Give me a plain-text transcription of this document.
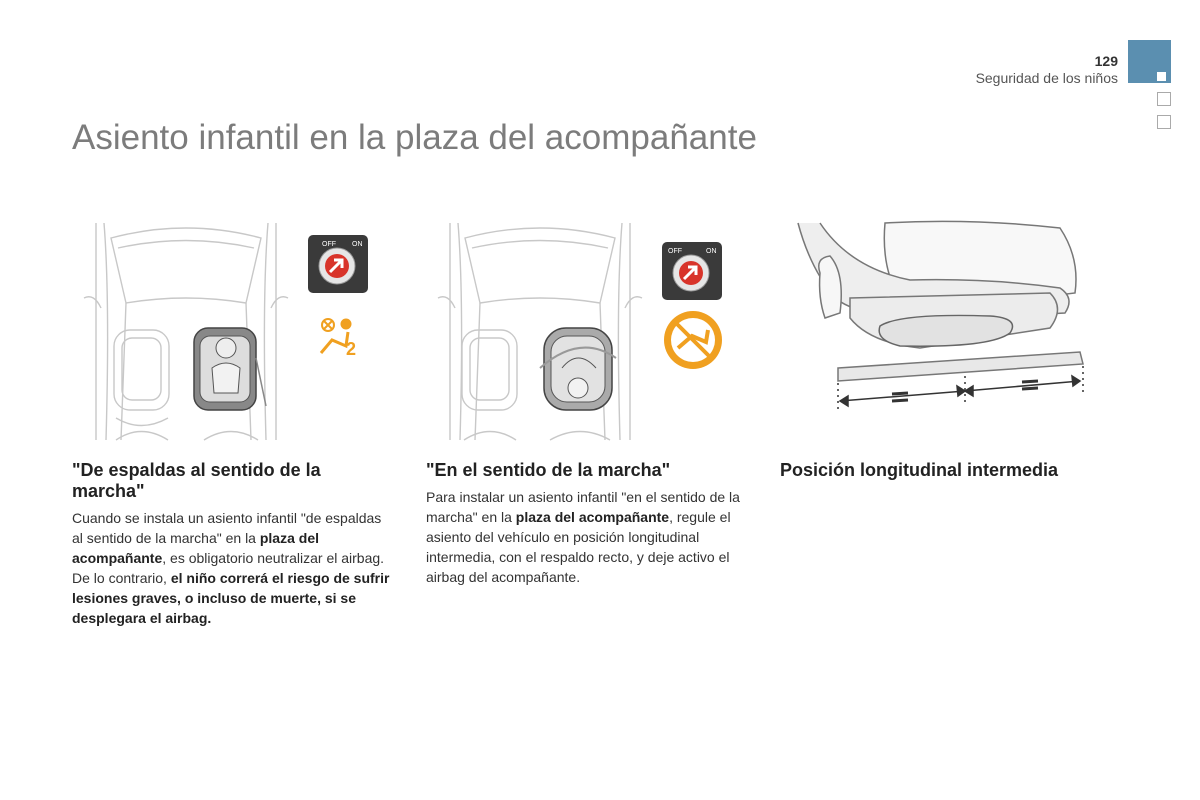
129
Seguridad de los niños
Asiento infantil en la plaza del acompañante
OFF ON
2
OFF	ON
"De espaldas al sentido de la marcha"

Cuando se instala un asiento infantil "de espaldas al sentido de la marcha" en la plaza del acompañante, es obligatorio neutralizar el airbag. De lo contrario, el niño correrá el riesgo de sufrir lesiones graves, o incluso de muerte, si se desplegara el airbag.

"En el sentido de la marcha"

Para instalar un asiento infantil "en el sentido de la marcha" en la plaza del acompañante, regule el asiento del vehículo en posición longitudinal intermedia, con el respaldo recto, y deje activo el airbag del acompañante.

Posición longitudinal intermedia
